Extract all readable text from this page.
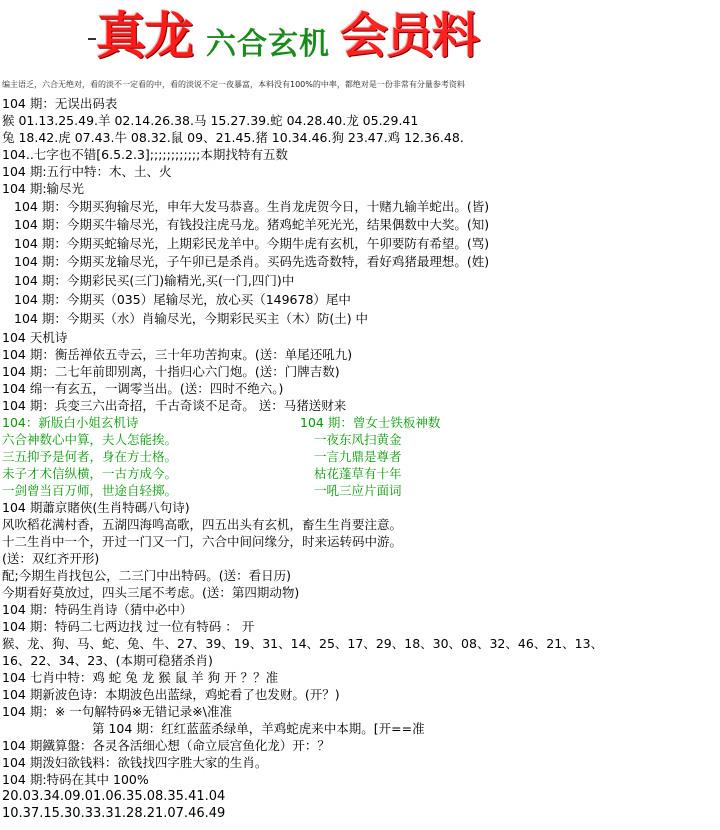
真龙 六合玄机 会员料
编主语乏，六合无绝对，看的淡不一定看的中，看的淡说不定一夜暴富，本料没有100%的中率，都绝对是一份非常有分量参考资料
104 期：无误出码表
猴 01.13.25.49.羊 02.14.26.38.马 15.27.39.蛇 04.28.40.龙 05.29.41
兔 18.42.虎 07.43.牛 08.32.鼠 09、21.45.猪 10.34.46.狗 23.47.鸡 12.36.48.
104..七字也不错[6.5.2.3];;;;;;;;;;;;本期找特有五数
104 期:五行中特：木、土、火
104 期:输尽光
104 期：今期买狗输尽光，申年大发马恭喜。生肖龙虎贺今日，十赌九输羊蛇出。(皆)
104 期：今期买牛输尽光，有钱投注虎马龙。猪鸡蛇羊死光光，结果偶数中大奖。(知)
104 期：今期买蛇输尽光，上期彩民龙羊中。今期牛虎有玄机，午卯要防有希望。(骂)
104 期：今期买龙输尽光，子午卯已是杀肖。买码先选奇数特，看好鸡猪最理想。(姓)
104 期：今期彩民买(三门)输精光,买(一门,四门)中
104 期：今期买（035）尾输尽光，放心买（149678）尾中
104 期：今期买（水）肖输尽光，今期彩民买主（木）防(土) 中
104 天机诗
104 期：衡岳禅依五寺云，三十年功苦拘束。(送：单尾还吼九)
104 期：二七年前即别离，十指归心六门炮。(送：门牌吉数)
104 绵一有玄五，一调零当出。(送：四时不绝六。)
104 期：兵变三六出奇招，千古奇谈不足奇。 送：马猪送财来
104：新版白小姐玄机诗
六合神数心中算，夫人怎能挨。
三五抑予是何者，身在方士格。
未子才术信纵横，一古方成今。
一剑曾当百万师，世途自轻掷。
104 期：曾女士铁板神数
一夜东风扫黄金
一言九鼎是尊者
枯花蓬草有十年
一吼三应片面词
104 期蕭京賭俠(生肖特碼八句诗)
风吹稻花满村香，五湖四海鸣高歌，四五出头有玄机，畜生生肖要注意。
十二生肖中一个，开过一门又一门，六合中间问缘分，时来运转码中游。
(送：双红齐开形)
配;今期生肖找包公，二三门中出特码。(送：看日历)
今期看好莫放过，四头三尾不考虑。(送：第四期动物)
104 期：特码生肖诗（猜中必中）
104 期：特码二七两边找 过一位有特码 ： 开
猴、龙、狗、马、蛇、兔、牛、27、39、19、31、14、25、17、29、18、30、08、32、46、21、13、
16、22、34、23、(本期可稳猪杀肖)
104 七肖中特：鸡 蛇 兔 龙 猴 鼠 羊 狗 开 ？？准
104 期新波色诗：本期波色出蓝绿，鸡蛇看了也发财。(开？)
104 期：※ 一句解特码※无错记录※\准准
第 104 期：红红蓝蓝杀绿单，羊鸡蛇虎来中本期。[开==准
104 期鐵算盤：各灵各活细心想（命立辰宫鱼化龙）开：？
104 期泼妇欲钱料：欲钱找四字胜大家的生肖。
104 期:特码在其中 100%
20.03.34.09.01.06.35.08.35.41.04
10.37.15.30.33.31.28.21.07.46.49
